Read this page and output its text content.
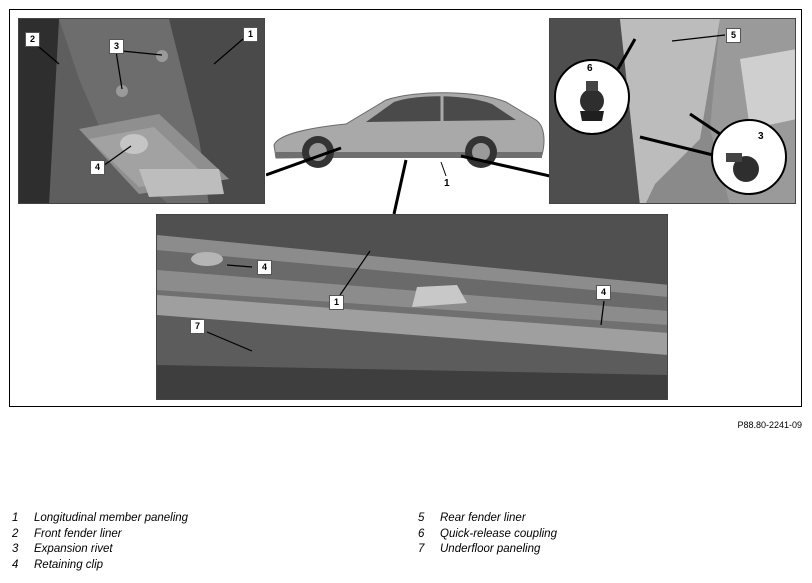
2
3
1
4
1
5
6
3
4
1
4
7
P88.80-2241-09
1 Longitudinal member paneling
2 Front fender liner
3 Expansion rivet
4 Retaining clip
5 Rear fender liner
6 Quick-release coupling
7 Underfloor paneling
